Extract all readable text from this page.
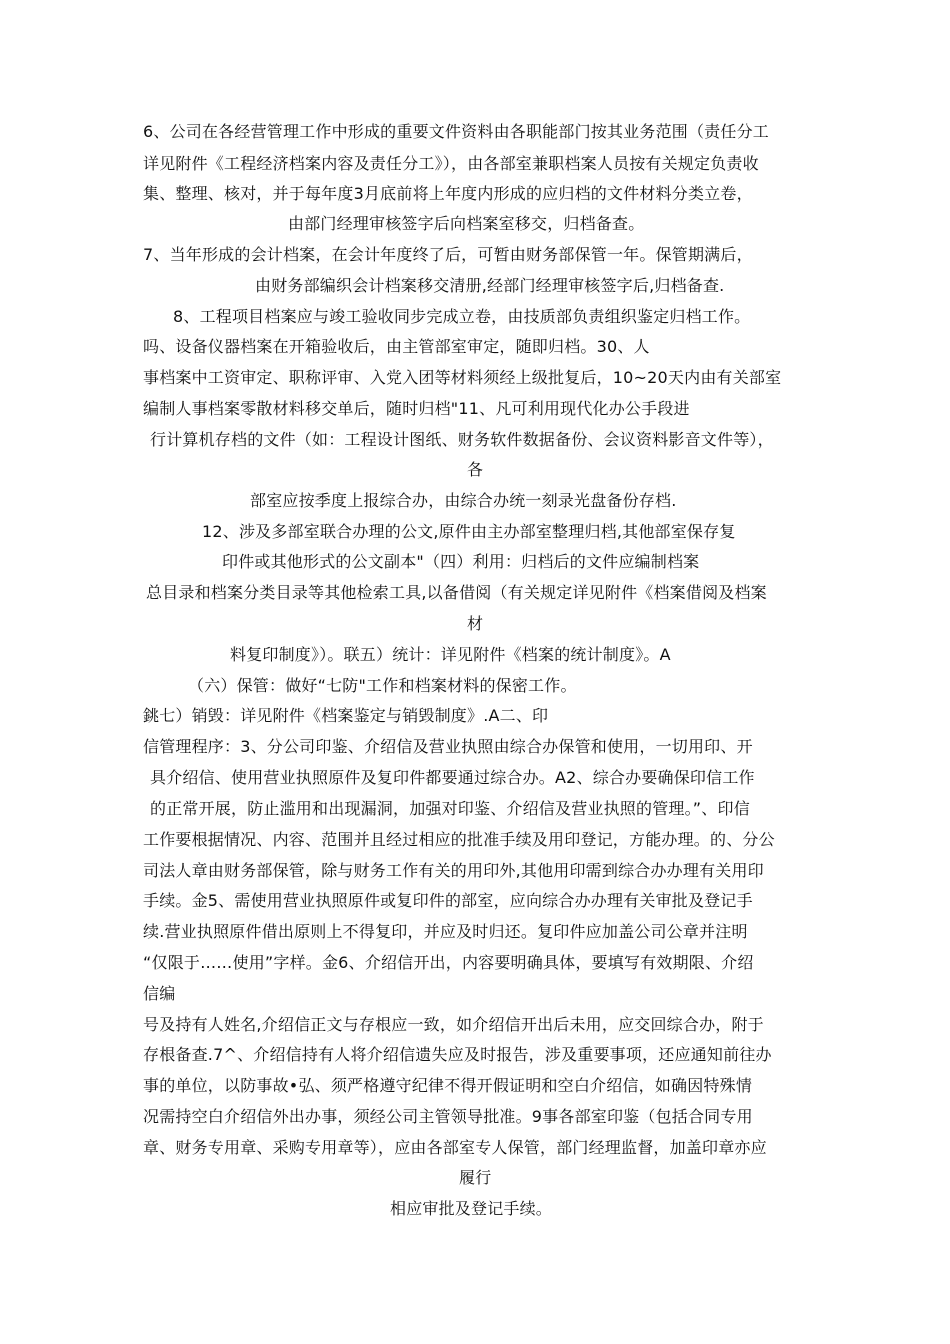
6、公司在各经营管理工作中形成的重要文件资料由各职能部门按其业务范围（责任分工
详见附件《工程经济档案内容及责任分工》），由各部室兼职档案人员按有关规定负责收
集、整理、核对，并于每年度3月底前将上年度内形成的应归档的文件材料分类立卷，
由部门经理审核签字后向档案室移交，归档备查。
7、当年形成的会计档案，在会计年度终了后，可暂由财务部保管一年。保管期满后，
由财务部编织会计档案移交清册,经部门经理审核签字后,归档备查.
8、工程项目档案应与竣工验收同步完成立卷，由技质部负责组织鉴定归档工作。
吗、设备仪器档案在开箱验收后，由主管部室审定，随即归档。30、人
事档案中工资审定、职称评审、入党入团等材料须经上级批复后，10~20天内由有关部室
编制人事档案零散材料移交单后，随时归档"11、凡可利用现代化办公手段进
行计算机存档的文件（如：工程设计图纸、财务软件数据备份、会议资料影音文件等），
各
部室应按季度上报综合办，由综合办统一刻录光盘备份存档.
12、涉及多部室联合办理的公文,原件由主办部室整理归档,其他部室保存复
印件或其他形式的公文副本"（四）利用：归档后的文件应编制档案
总目录和档案分类目录等其他检索工具,以备借阅（有关规定详见附件《档案借阅及档案
材
料复印制度》）。联五）统计：详见附件《档案的统计制度》。A
（六）保管：做好“七防"工作和档案材料的保密工作。
銚七）销毁：详见附件《档案鉴定与销毁制度》.A二、印
信管理程序：3、分公司印鉴、介绍信及营业执照由综合办保管和使用，一切用印、开
具介绍信、使用营业执照原件及复印件都要通过综合办。A2、综合办要确保印信工作
的正常开展，防止滥用和出现漏洞，加强对印鉴、介绍信及营业执照的管理。”、印信
工作要根据情况、内容、范围并且经过相应的批准手续及用印登记，方能办理。的、分公
司法人章由财务部保管，除与财务工作有关的用印外,其他用印需到综合办办理有关用印
手续。金5、需使用营业执照原件或复印件的部室，应向综合办办理有关审批及登记手
续.营业执照原件借出原则上不得复印，并应及时归还。复印件应加盖公司公章并注明
“仅限于……使用”字样。金6、介绍信开出，内容要明确具体，要填写有效期限、介绍
信编
号及持有人姓名,介绍信正文与存根应一致，如介绍信开出后未用，应交回综合办，附于
存根备查.7^、介绍信持有人将介绍信遗失应及时报告，涉及重要事项，还应通知前往办
事的单位，以防事故•弘、须严格遵守纪律不得开假证明和空白介绍信，如确因特殊情
况需持空白介绍信外出办事，须经公司主管领导批准。9事各部室印鉴（包括合同专用
章、财务专用章、采购专用章等），应由各部室专人保管，部门经理监督，加盖印章亦应
履行
相应审批及登记手续。
